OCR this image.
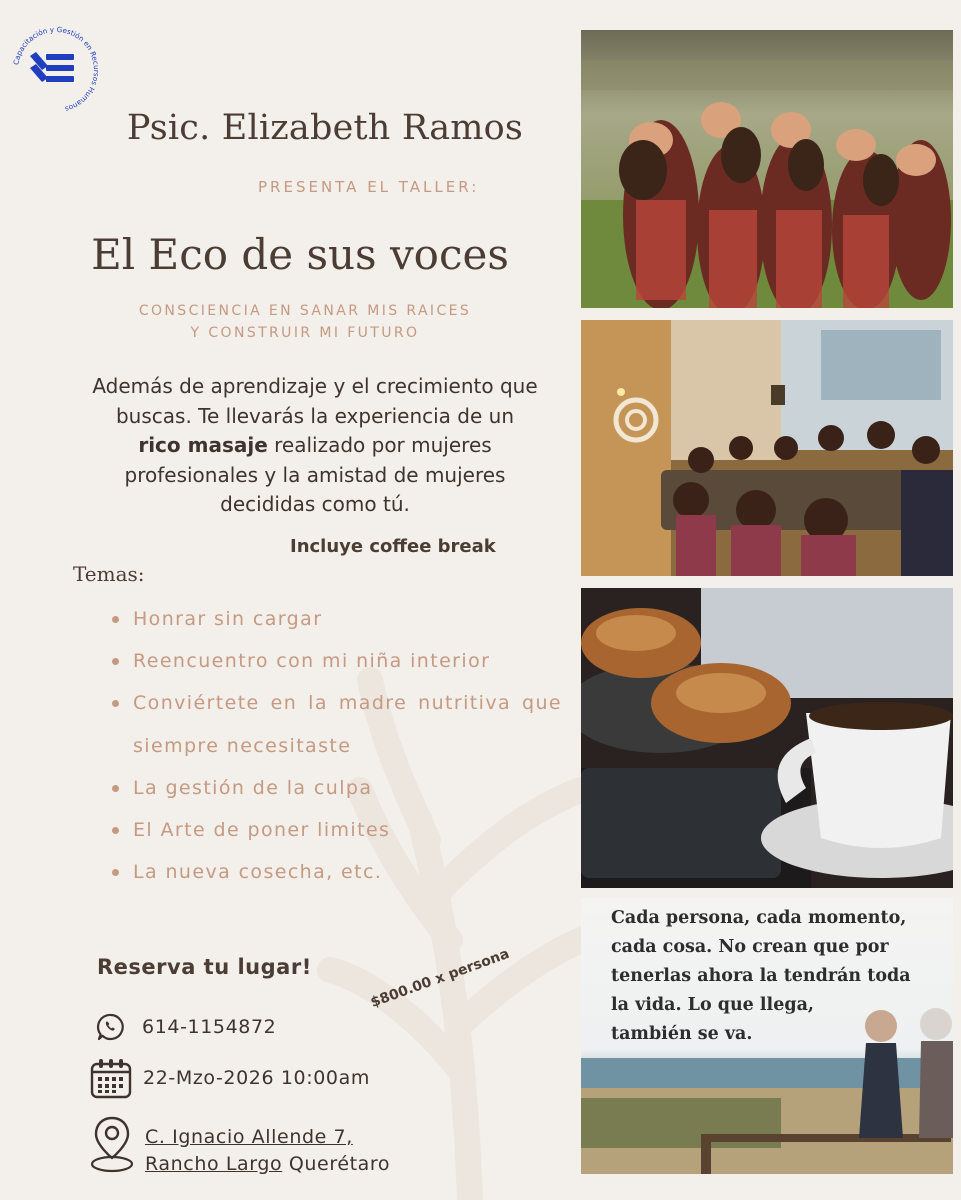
Capacitación y Gestión en Recursos Humanos	Psic. Elizabeth Ramos
PRESENTA EL TALLER:
El Eco de sus voces
CONSCIENCIA EN SANAR MIS RAICES
Y CONSTRUIR MI FUTURO
Además de aprendizaje y el crecimiento que
buscas. Te llevarás la experiencia de un
rico masaje realizado por mujeres
profesionales y la amistad de mujeres
decididas como tú.
Incluye coffee break
Temas:
Honrar sin cargar
Reencuentro con mi niña interior
Conviértete en la madre nutritiva que siempre necesitaste
La gestión de la culpa
El Arte de poner limites
La nueva cosecha, etc.
Reserva tu lugar!	$800.00 x persona
614-1154872
22-Mzo-2026 10:00am
C. Ignacio Allende 7,
Rancho Largo Querétaro
Cada persona, cada momento,
cada cosa. No crean que por
tenerlas ahora la tendrán toda
la vida. Lo que llega,
también se va.
